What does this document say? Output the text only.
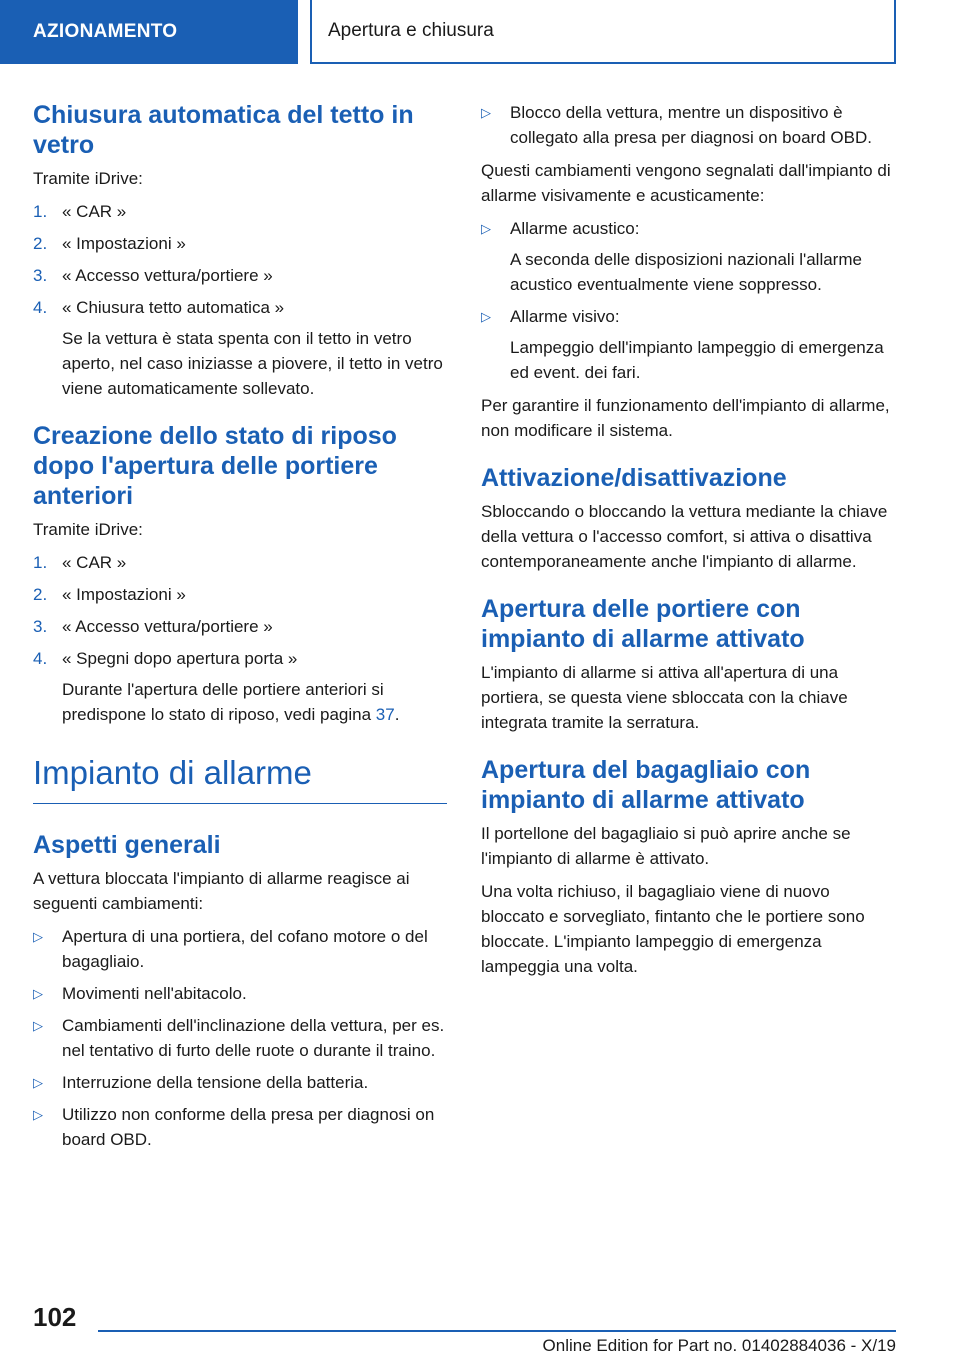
AZIONAMENTO	Apertura e chiusura
Chiusura automatica del tetto in vetro

Tramite iDrive:

1. « CAR »
2. « Impostazioni »
3. « Accesso vettura/portiere »
4. « Chiusura tetto automatica »
Se la vettura è stata spenta con il tetto in vetro aperto, nel caso iniziasse a piovere, il tetto in vetro viene automaticamente sollevato.
Creazione dello stato di riposo dopo l'apertura delle portiere anteriori

Tramite iDrive:

1. « CAR »
2. « Impostazioni »
3. « Accesso vettura/portiere »
4. « Spegni dopo apertura porta »
Durante l'apertura delle portiere anteriori si predispone lo stato di riposo, vedi pagina 37.
Impianto di allarme
Aspetti generali

A vettura bloccata l'impianto di allarme reagisce ai seguenti cambiamenti:

▷ Apertura di una portiera, del cofano motore o del bagagliaio.
▷ Movimenti nell'abitacolo.
▷ Cambiamenti dell'inclinazione della vettura, per es. nel tentativo di furto delle ruote o durante il traino.
▷ Interruzione della tensione della batteria.
▷ Utilizzo non conforme della presa per diagnosi on board OBD.
▷ Blocco della vettura, mentre un dispositivo è collegato alla presa per diagnosi on board OBD.

Questi cambiamenti vengono segnalati dall'impianto di allarme visivamente e acusticamente:

▷ Allarme acustico:
A seconda delle disposizioni nazionali l'allarme acustico eventualmente viene soppresso.
▷ Allarme visivo:
Lampeggio dell'impianto lampeggio di emergenza ed event. dei fari.

Per garantire il funzionamento dell'impianto di allarme, non modificare il sistema.

Attivazione/disattivazione

Sbloccando o bloccando la vettura mediante la chiave della vettura o l'accesso comfort, si attiva o disattiva contemporaneamente anche l'impianto di allarme.

Apertura delle portiere con impianto di allarme attivato

L'impianto di allarme si attiva all'apertura di una portiera, se questa viene sbloccata con la chiave integrata tramite la serratura.

Apertura del bagagliaio con impianto di allarme attivato

Il portellone del bagagliaio si può aprire anche se l'impianto di allarme è attivato.

Una volta richiuso, il bagagliaio viene di nuovo bloccato e sorvegliato, fintanto che le portiere sono bloccate. L'impianto lampeggio di emergenza lampeggia una volta.

102
Online Edition for Part no. 01402884036 - X/19
